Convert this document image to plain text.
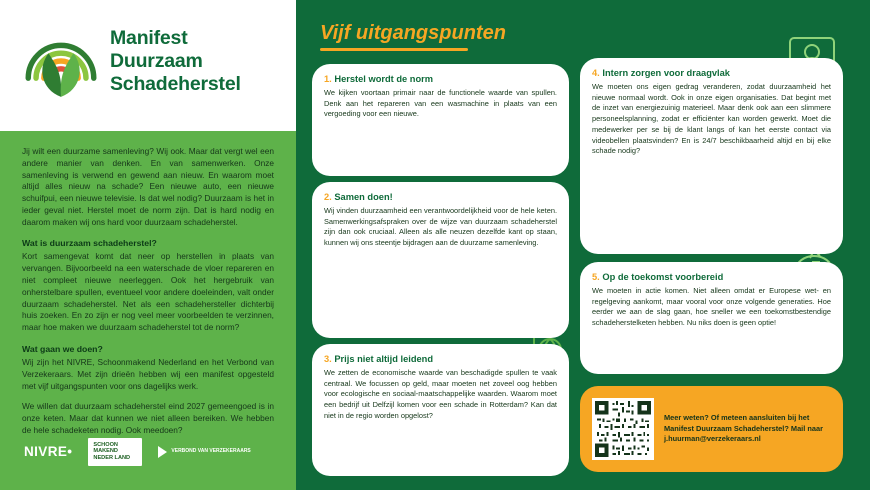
Manifest
Duurzaam
Schadeherstel

Jij wilt een duurzame samenleving? Wij ook. Maar dat vergt wel een andere manier van denken. En van samenwerken. Onze samenleving is verwend en gewend aan nieuw. En waarom moet altijd alles nieuw na schade? Een nieuwe auto, een nieuwe schuifpui, een nieuwe televisie. Is dat wel nodig? Duurzaam is het in ieder geval niet. Herstel moet de norm zijn. Dat is hard nodig en daarom maken wij ons hard voor duurzaam schadeherstel.

Wat is duurzaam schadeherstel?

Kort samengevat komt dat neer op herstellen in plaats van vervangen. Bijvoorbeeld na een waterschade de vloer repareren en niet compleet nieuwe neerleggen. Ook het hergebruik van onherstelbare spullen, eventueel voor andere doeleinden, valt onder duurzaam schadeherstel. Net als een schadehersteller dichterbij huis zoeken. En zo zijn er nog veel meer voorbeelden te verzinnen, maar hoe maken we duurzaam schadeherstel tot de norm?

Wat gaan we doen?

Wij zijn het NIVRE, Schoonmakend Nederland en het Verbond van Verzekeraars. Met zijn drieën hebben wij een manifest opgesteld met vijf uitgangspunten voor ons dagelijks werk.

We willen dat duurzaam schadeherstel eind 2027 gemeengoed is in onze keten. Maar dat kunnen we niet alleen bereiken. We hebben de hele schadeketen nodig. Ook meedoen?

NIVRE•	SCHOON MAKEND NEDER LAND
VERBOND VAN VERZEKERAARS
Vijf uitgangspunten
1. Herstel wordt de norm

We kijken voortaan primair naar de functionele waarde van spullen. Denk aan het repareren van een wasmachine in plaats van een vergoeding voor een nieuwe.

2. Samen doen!

Wij vinden duurzaamheid een verantwoordelijkheid voor de hele keten. Samenwerkingsafspraken over de wijze van duurzaam schadeherstel zijn dan ook cruciaal. Alleen als alle neuzen dezelfde kant op staan, kunnen wij ons steentje bijdragen aan de duurzame samenleving.

3. Prijs niet altijd leidend

We zetten de economische waarde van beschadigde spullen te vaak centraal. We focussen op geld, maar moeten net zoveel oog hebben voor ecologische en sociaal-maatschappelijke waarden. Waarom moet een bedrijf uit Delfzijl komen voor een schade in Rotterdam? Kan dat niet in de regio worden opgelost?

4. Intern zorgen voor draagvlak

We moeten ons eigen gedrag veranderen, zodat duurzaamheid het nieuwe normaal wordt. Ook in onze eigen organisaties. Dat begint met de inzet van energiezuinig materieel. Maar denk ook aan een slimmere personeelsplanning, zodat er efficiënter kan worden gewerkt. Moet die medewerker per se bij de klant langs of kan het eerste contact via videobellen plaatsvinden? En is 24/7 beschikbaarheid altijd en bij elke schade nodig?

5. Op de toekomst voorbereid

We moeten in actie komen. Niet alleen omdat er Europese wet- en regelgeving aankomt, maar vooral voor onze volgende generaties. Hoe eerder we aan de slag gaan, hoe sneller we een toekomstbestendige schadeherstelketen hebben. Nu niks doen is geen optie!

Meer weten? Of meteen aansluiten bij het Manifest Duurzaam Schadeherstel? Mail naar j.huurman@verzekeraars.nl
